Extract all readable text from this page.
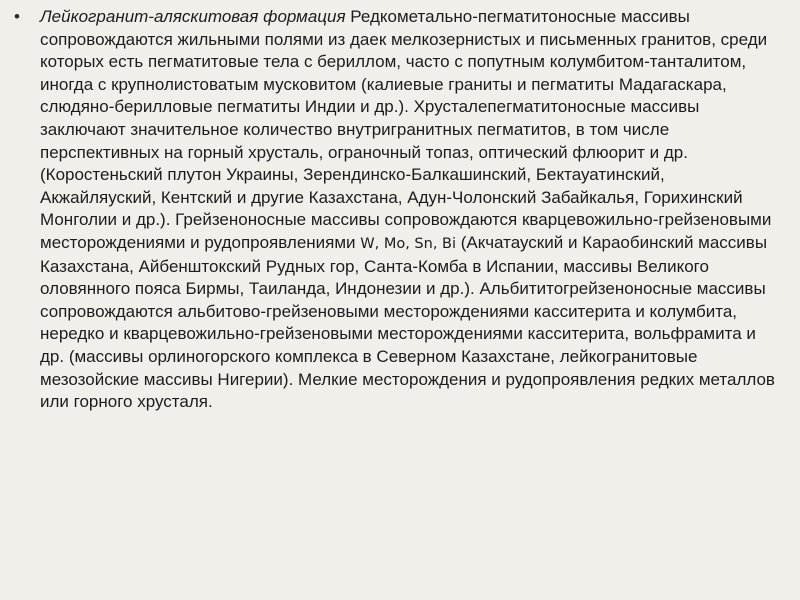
•	Лейкогранит-аляскитовая формация Редкометально-пегматитоносные массивы сопровождаются жильными полями из даек мелкозернистых и письменных гранитов, среди которых есть пегматитовые тела с бериллом, часто с попутным колумбитом-танталитом, иногда с крупнолистоватым мусковитом (калиевые граниты и пегматиты Мадагаскара, слюдяно-берилловые пегматиты Индии и др.). Хрусталепегматитоносные массивы заключают значительное количество внутригранитных пегматитов, в том числе перспективных на горный хрусталь, ограночный топаз, оптический флюорит и др. (Коростеньский плутон Украины, Зерендинско-Балкашинский, Бектауатинский, Акжайляуский, Кентский и другие Казахстана, Адун-Чолонский Забайкалья, Горихинский Монголии и др.). Грейзеноносные массивы сопровождаются кварцевожильно-грейзеновыми месторождениями и рудопроявлениями W, Mo, Sn, Bi (Акчатауский и Караобинский массивы Казахстана, Айбенштокский Рудных гор, Санта-Комба в Испании, массивы Великого оловянного пояса Бирмы, Таиланда, Индонезии и др.). Альбититогрейзеноносные массивы сопровождаются альбитово-грейзеновыми месторождениями касситерита и колумбита, нередко и кварцевожильно-грейзеновыми месторождениями касситерита, вольфрамита и др. (массивы орлиногорского комплекса в Северном Казахстане, лейкогранитовые мезозойские массивы Нигерии). Мелкие месторождения и рудопроявления редких металлов или горного хрусталя.
